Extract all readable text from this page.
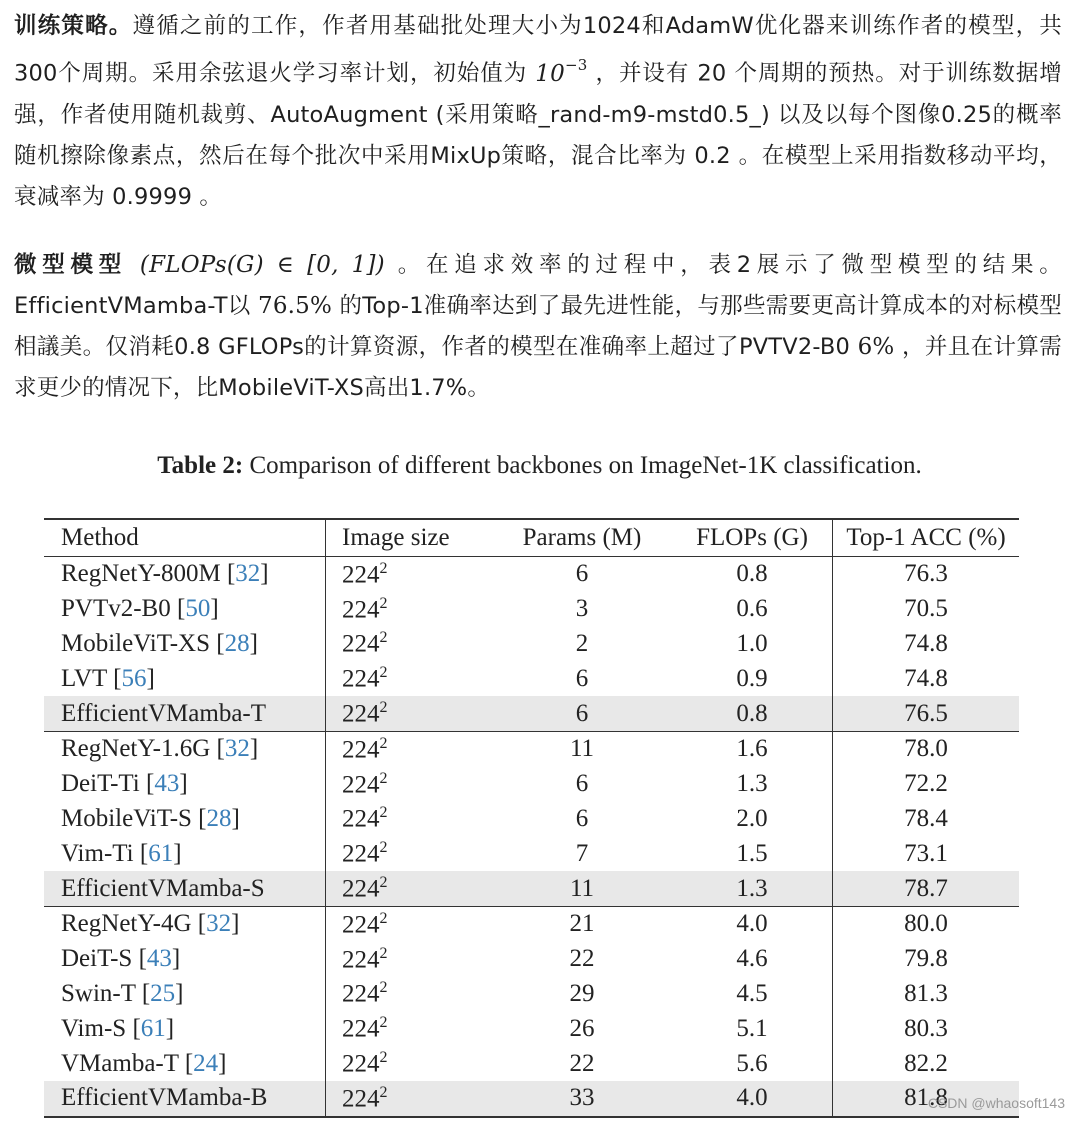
训练策略。遵循之前的工作，作者用基础批处理大小为1024和AdamW优化器来训练作者的模型，共300个周期。采用余弦退火学习率计划，初始值为 $10^{-3}$ ，并设有 20 个周期的预热。对于训练数据增强，作者使用随机裁剪、AutoAugment (采用策略_rand-m9-mstd0.5_) 以及以每个图像0.25的概率随机擦除像素点，然后在每个批次中采用MixUp策略，混合比率为 0.2 。在模型上采用指数移动平均，衰减率为 0.9999 。
微型模型 (FLOPs(G) ∈ [0, 1]) 。在追求效率的过程中，表2展示了微型模型的结果。 EfficientVMamba-T以 76.5% 的Top-1准确率达到了最先进性能，与那些需要更高计算成本的对标模型相議美。仅消耗0.8 GFLOPs的计算资源，作者的模型在准确率上超过了PVTV2-B0 6% ，并且在计算需求更少的情况下，比MobileViT-XS高出1.7%。
Table 2: Comparison of different backbones on ImageNet-1K classification.
Method	Image size	Params (M)	FLOPs (G)	Top-1 ACC (%)
RegNetY-800M [32]	$224^2$	6	0.8	76.3
PVTv2-B0 [50]	$224^2$	3	0.6	70.5
MobileViT-XS [28]	$224^2$	2	1.0	74.8
LVT [56]	$224^2$	6	0.9	74.8
EfficientVMamba-T	$224^2$	6	0.8	76.5
RegNetY-1.6G [32]	$224^2$	11	1.6	78.0
DeiT-Ti [43]	$224^2$	6	1.3	72.2
MobileViT-S [28]	$224^2$	6	2.0	78.4
Vim-Ti [61]	$224^2$	7	1.5	73.1
EfficientVMamba-S	$224^2$	11	1.3	78.7
RegNetY-4G [32]	$224^2$	21	4.0	80.0
DeiT-S [43]	$224^2$	22	4.6	79.8
Swin-T [25]	$224^2$	29	4.5	81.3
Vim-S [61]	$224^2$	26	5.1	80.3
VMamba-T [24]	$224^2$	22	5.6	82.2
EfficientVMamba-B	$224^2$	33	4.0	81.8
CSDN @whaosoft143
